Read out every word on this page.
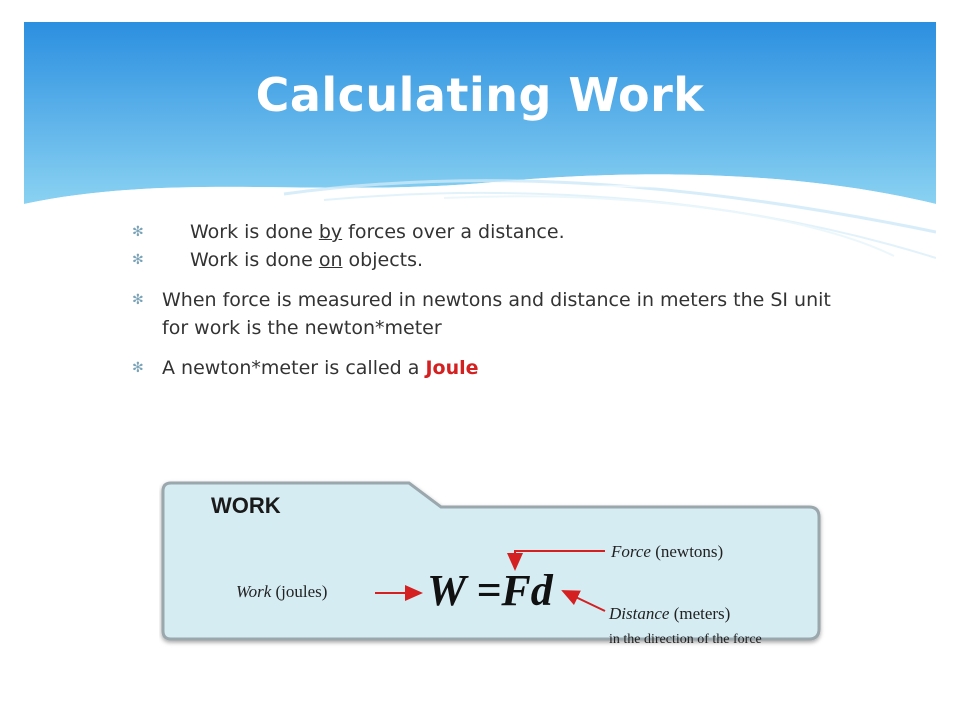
Calculating Work
✻ Work is done by forces over a distance.
✻ Work is done on objects.
✻ When force is measured in newtons and distance in meters the SI unit for work is the newton*meter
✻ A newton*meter is called a Joule
WORK
W =Fd
Work (joules)
Force (newtons)
Distance (meters)
in the direction of the force
